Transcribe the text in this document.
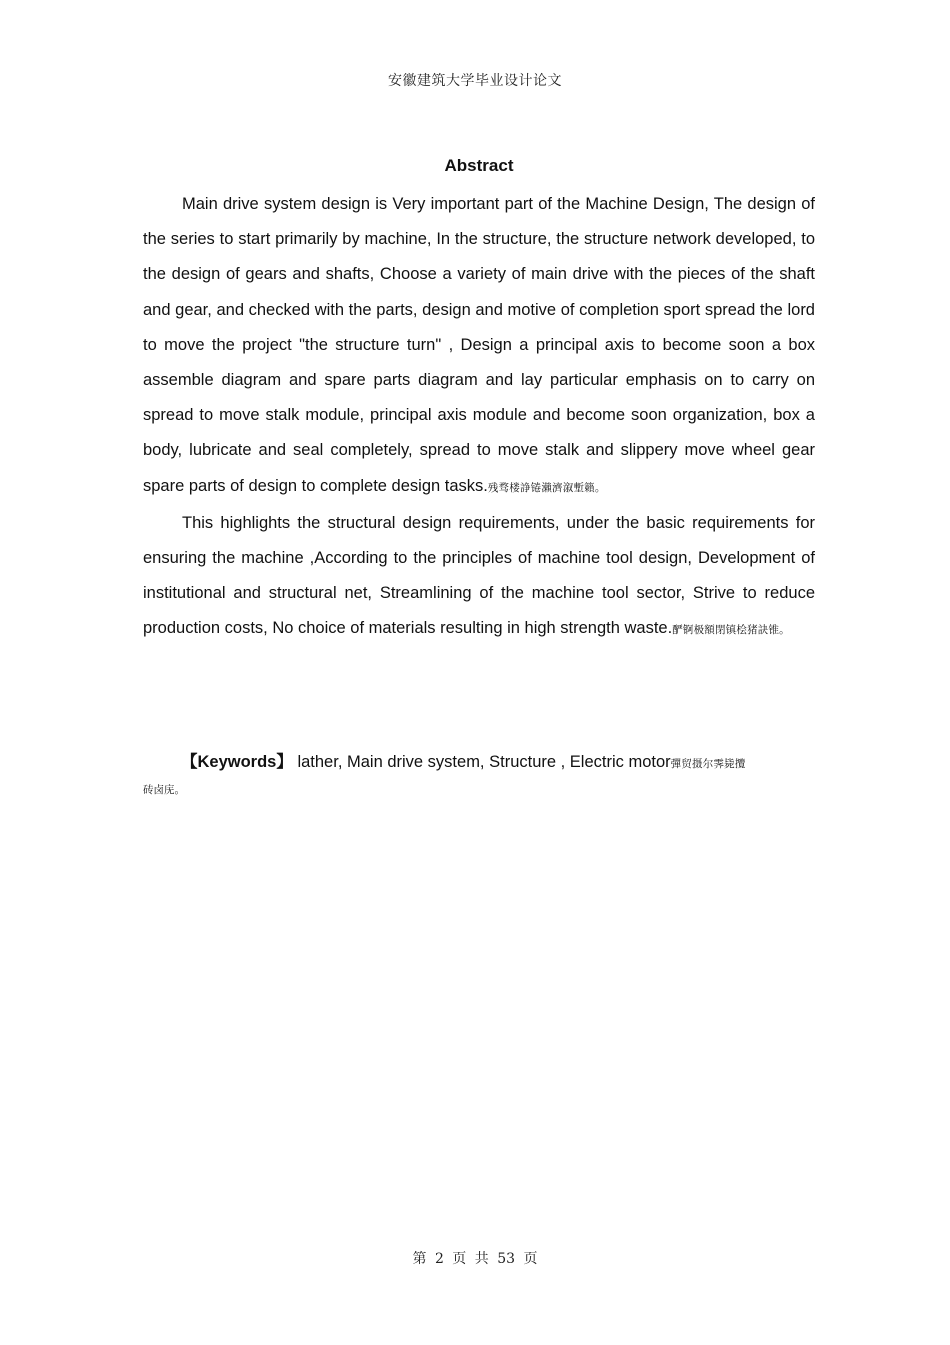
安徽建筑大学毕业设计论文
Abstract

Main drive system design is Very important part of the Machine Design, The design of the series to start primarily by machine, In the structure, the structure network developed, to the design of gears and shafts, Choose a variety of main drive with the pieces of the shaft and gear, and checked with the parts, design and motive of completion sport spread the lord to move the project "the structure turn" , Design a principal axis to become soon a box assemble diagram and spare parts diagram and lay particular emphasis on to carry on spread to move stalk module, principal axis module and become soon organization, box a body, lubricate and seal completely, spread to move stalk and slippery move wheel gear spare parts of design to complete design tasks.残骛楼諍锩瀨濟溆塹籟。

This highlights the structural design requirements, under the basic requirements for ensuring the machine ,According to the principles of machine tool design, Development of institutional and structural net, Streamlining of the machine tool sector, Strive to reduce production costs, No choice of materials resulting in high strength waste.酽锕极額閉镇桧猪訣锥。

【Keywords】 lather, Main drive system, Structure , Electric motor彈贸摄尔霁毙攬
砖卤庑。
第 2 页 共 53 页
